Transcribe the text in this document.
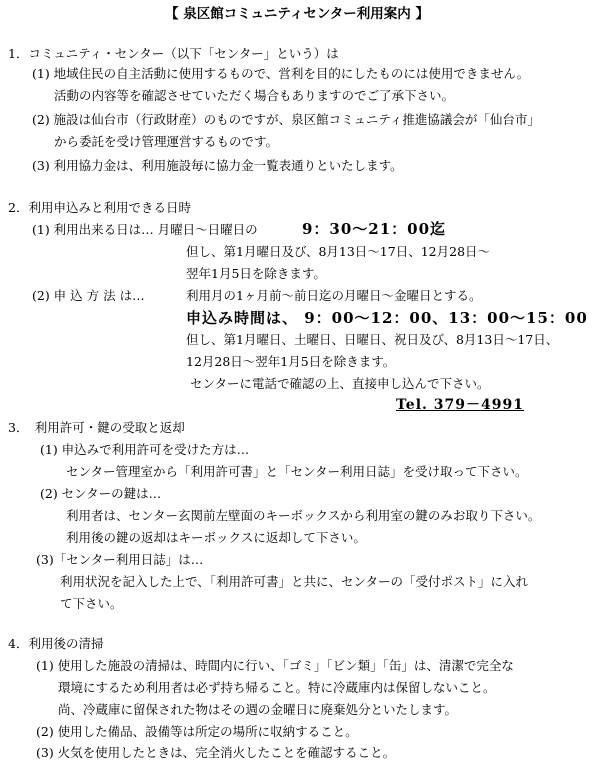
【 泉区館コミュニティセンター利用案内 】
1．コミュニティ・センター（以下「センター」という）は
(1) 地域住民の自主活動に使用するもので、営利を目的にしたものには使用できません。
活動の内容等を確認させていただく場合もありますのでご了承下さい。
(2) 施設は仙台市（行政財産）のものですが、泉区館コミュニティ推進協議会が「仙台市」
から委託を受け管理運営するものです。
(3) 利用協力金は、利用施設毎に協力金一覧表通りといたします。
2．利用申込みと利用できる日時
(1) 利用出来る日は… 月曜日～日曜日の	9：30～21：00迄
但し、第1月曜日及び、8月13日～17日、12月28日～
翌年1月5日を除きます。
(2) 申 込 方 法 は…	利用月の1ヶ月前～前日迄の月曜日～金曜日とする。
申込み時間は、 9：00～12：00、13：00～15：00
但し、第1月曜日、土曜日、日曜日、祝日及び、8月13日～17日、
12月28日～翌年1月5日を除きます。
センターに電話で確認の上、直接申し込んで下さい。
Tel. 379－4991
3．　利用許可・鍵の受取と返却
(1) 申込みで利用許可を受けた方は…
センター管理室から「利用許可書」と「センター利用日誌」を受け取って下さい。
(2) センターの鍵は…
利用者は、センター玄関前左壁面のキーボックスから利用室の鍵のみお取り下さい。
利用後の鍵の返却はキーボックスに返却して下さい。
(3)「センター利用日誌」は…
利用状況を記入した上で、「利用許可書」と共に、センターの「受付ポスト」に入れ
て下さい。
4．利用後の清掃
(1) 使用した施設の清掃は、時間内に行い、「ゴミ」「ビン類」「缶」は、清潔で完全な
環境にするため利用者は必ず持ち帰ること。特に冷蔵庫内は保留しないこと。
尚、冷蔵庫に留保された物はその週の金曜日に廃棄処分といたします。
(2) 使用した備品、設備等は所定の場所に収納すること。
(3) 火気を使用したときは、完全消火したことを確認すること。
